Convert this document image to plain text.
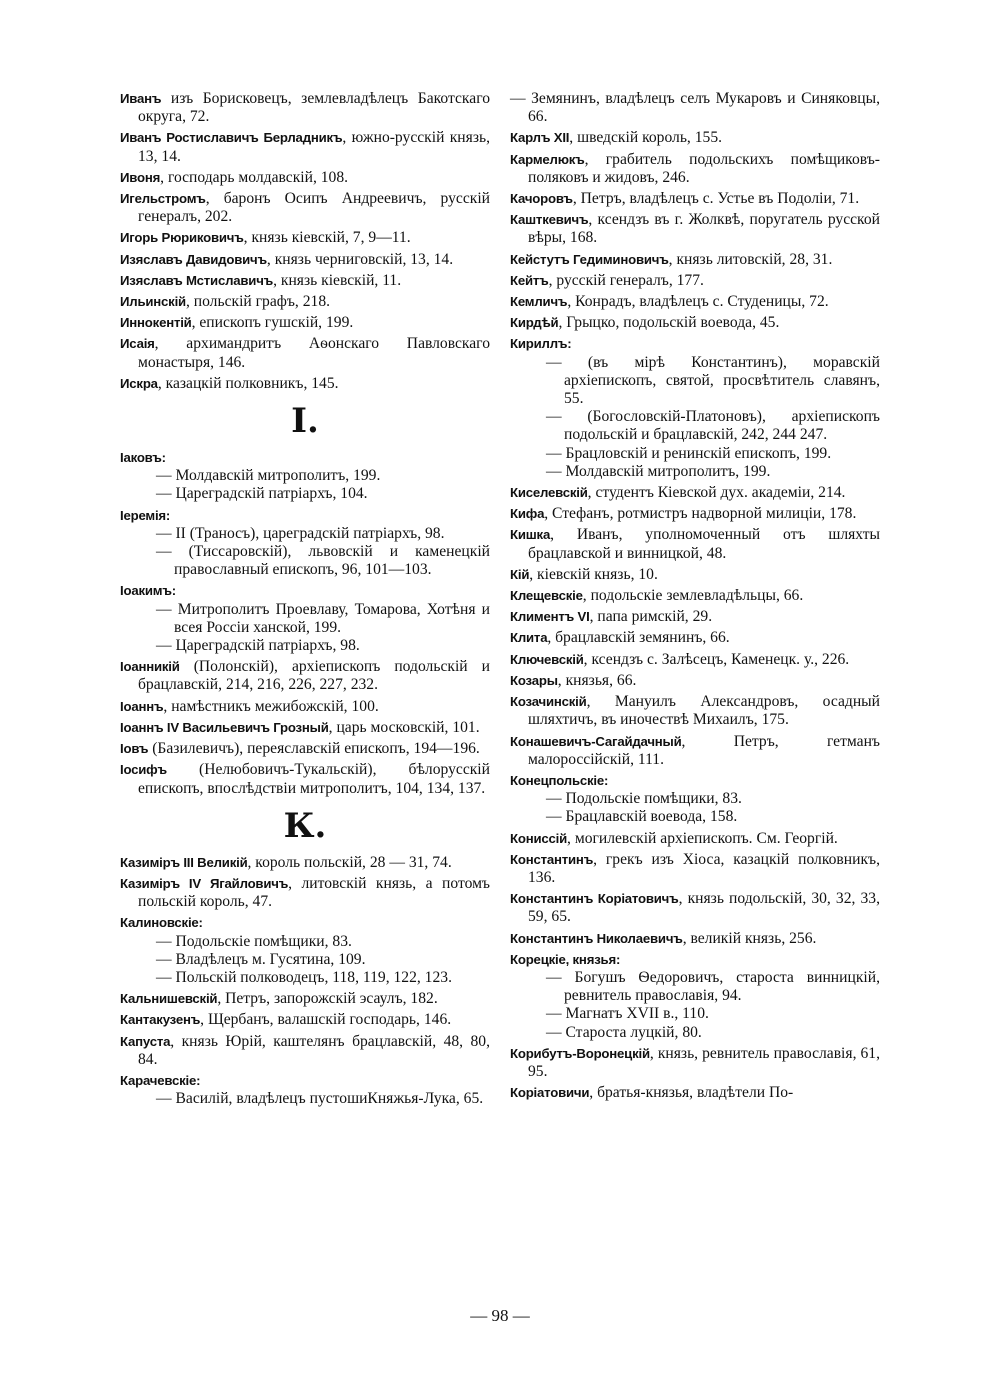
Иванъ изъ Борисковецъ, землевладѣлецъ Бакотскаго округа, 72.
Иванъ Ростиславичъ Берладникъ, южно-русскій князь, 13, 14.
Ивоня, господарь молдавскій, 108.
Игельстромъ, баронъ Осипъ Андреевичъ, русскій генералъ, 202.
Игорь Рюриковичъ, князь кіевскій, 7, 9—11.
Изяславъ Давидовичъ, князь черниговскій, 13, 14.
Изяславъ Мстиславичъ, князь кіевскій, 11.
Ильинскій, польскій графъ, 218.
Иннокентій, епископъ гушскій, 199.
Исаія, архимандритъ Аѳонскаго Павловскаго монастыря, 146.
Искра, казацкій полковникъ, 145.
I.
Іаковъ:
— Молдавскій митрополитъ, 199.
— Цареградскій патріархъ, 104.
Іеремія:
— II (Траносъ), цареградскій патріархъ, 98.
— (Тиссаровскій), львовскій и каменецкій православный епископъ, 96, 101—103.
Іоакимъ:
— Митрополитъ Проевлаву, Томарова, Хотѣня и всея Россіи ханской, 199.
— Цареградскій патріархъ, 98.
Іоанникій (Полонскій), архіепископъ подольскій и брацлавскій, 214, 216, 226, 227, 232.
Іоаннъ, намѣстникъ межибожскій, 100.
Іоаннъ IV Васильевичъ Грозный, царь московскій, 101.
Іовъ (Базилевичъ), переяславскій епископъ, 194—196.
Іосифъ (Нелюбовичъ-Тукальскій), бѣлорусскій епископъ, впослѣдствіи митрополитъ, 104, 134, 137.
К.
Казиміръ III Великій, король польскій, 28 — 31, 74.
Казиміръ IV Ягайловичъ, литовскій князь, а потомъ польскій король, 47.
Калиновскіе:
— Подольскіе помѣщики, 83.
— Владѣлецъ м. Гусятина, 109.
— Польскій полководецъ, 118, 119, 122, 123.
Кальнишевскій, Петръ, запорожскій эсаулъ, 182.
Кантакузенъ, Щербанъ, валашскій господарь, 146.
Капуста, князь Юрій, каштелянъ брацлавскій, 48, 80, 84.
Карачевскіе:
— Василій, владѣлецъ пустошиКняжья-Лука, 65.
— Земянинъ, владѣлецъ селъ Мукаровъ и Синяковцы, 66.
Карлъ XII, шведскій король, 155.
Кармелюкъ, грабитель подольскихъ помѣщиковъ-поляковъ и жидовъ, 246.
Качоровъ, Петръ, владѣлецъ с. Устье въ Подоліи, 71.
Кашткевичъ, ксендзъ въ г. Жолквѣ, поругатель русской вѣры, 168.
Кейстутъ Гедиминовичъ, князь литовскій, 28, 31.
Кейтъ, русскій генералъ, 177.
Кемличъ, Конрадъ, владѣлецъ с. Студеницы, 72.
Кирдѣй, Грыцко, подольскій воевода, 45.
Кириллъ:
— (въ мірѣ Константинъ), моравскій архіепископъ, святой, просвѣтитель славянъ, 55.
— (Богословскій-Платоновъ), архіепископъ подольскій и брацлавскій, 242, 244 247.
— Брацловскій и ренинскій епископъ, 199.
— Молдавскій митрополитъ, 199.
Киселевскій, студентъ Кіевской дух. академіи, 214.
Кифа, Стефанъ, ротмистръ надворной милиціи, 178.
Кишка, Иванъ, уполномоченный отъ шляхты брацлавской и винницкой, 48.
Кій, кіевскій князь, 10.
Клещевскіе, подольскіе землевладѣльцы, 66.
Климентъ VI, папа римскій, 29.
Клита, брацлавскій земянинъ, 66.
Ключевскій, ксендзъ с. Залѣсецъ, Каменецк. у., 226.
Козары, князья, 66.
Козачинскій, Мануилъ Александровъ, осадный шляхтичъ, въ иночествѣ Михаилъ, 175.
Конашевичъ-Сагайдачный, Петръ, гетманъ малороссійскій, 111.
Конецпольскіе:
— Подольскіе помѣщики, 83.
— Брацлавскій воевода, 158.
Кониссій, могилевскій архіепископъ. См. Георгій.
Константинъ, грекъ изъ Хіоса, казацкій полковникъ, 136.
Константинъ Коріатовичъ, князь подольскій, 30, 32, 33, 59, 65.
Константинъ Николаевичъ, великій князь, 256.
Корецкіе, князья:
— Богушъ Ѳедоровичъ, староста винницкій, ревнитель православія, 94.
— Магнатъ XVII в., 110.
— Староста луцкій, 80.
Корибутъ-Воронецкій, князь, ревнитель православія, 61, 95.
Коріатовичи, братья-князья, владѣтели По-
— 98 —
